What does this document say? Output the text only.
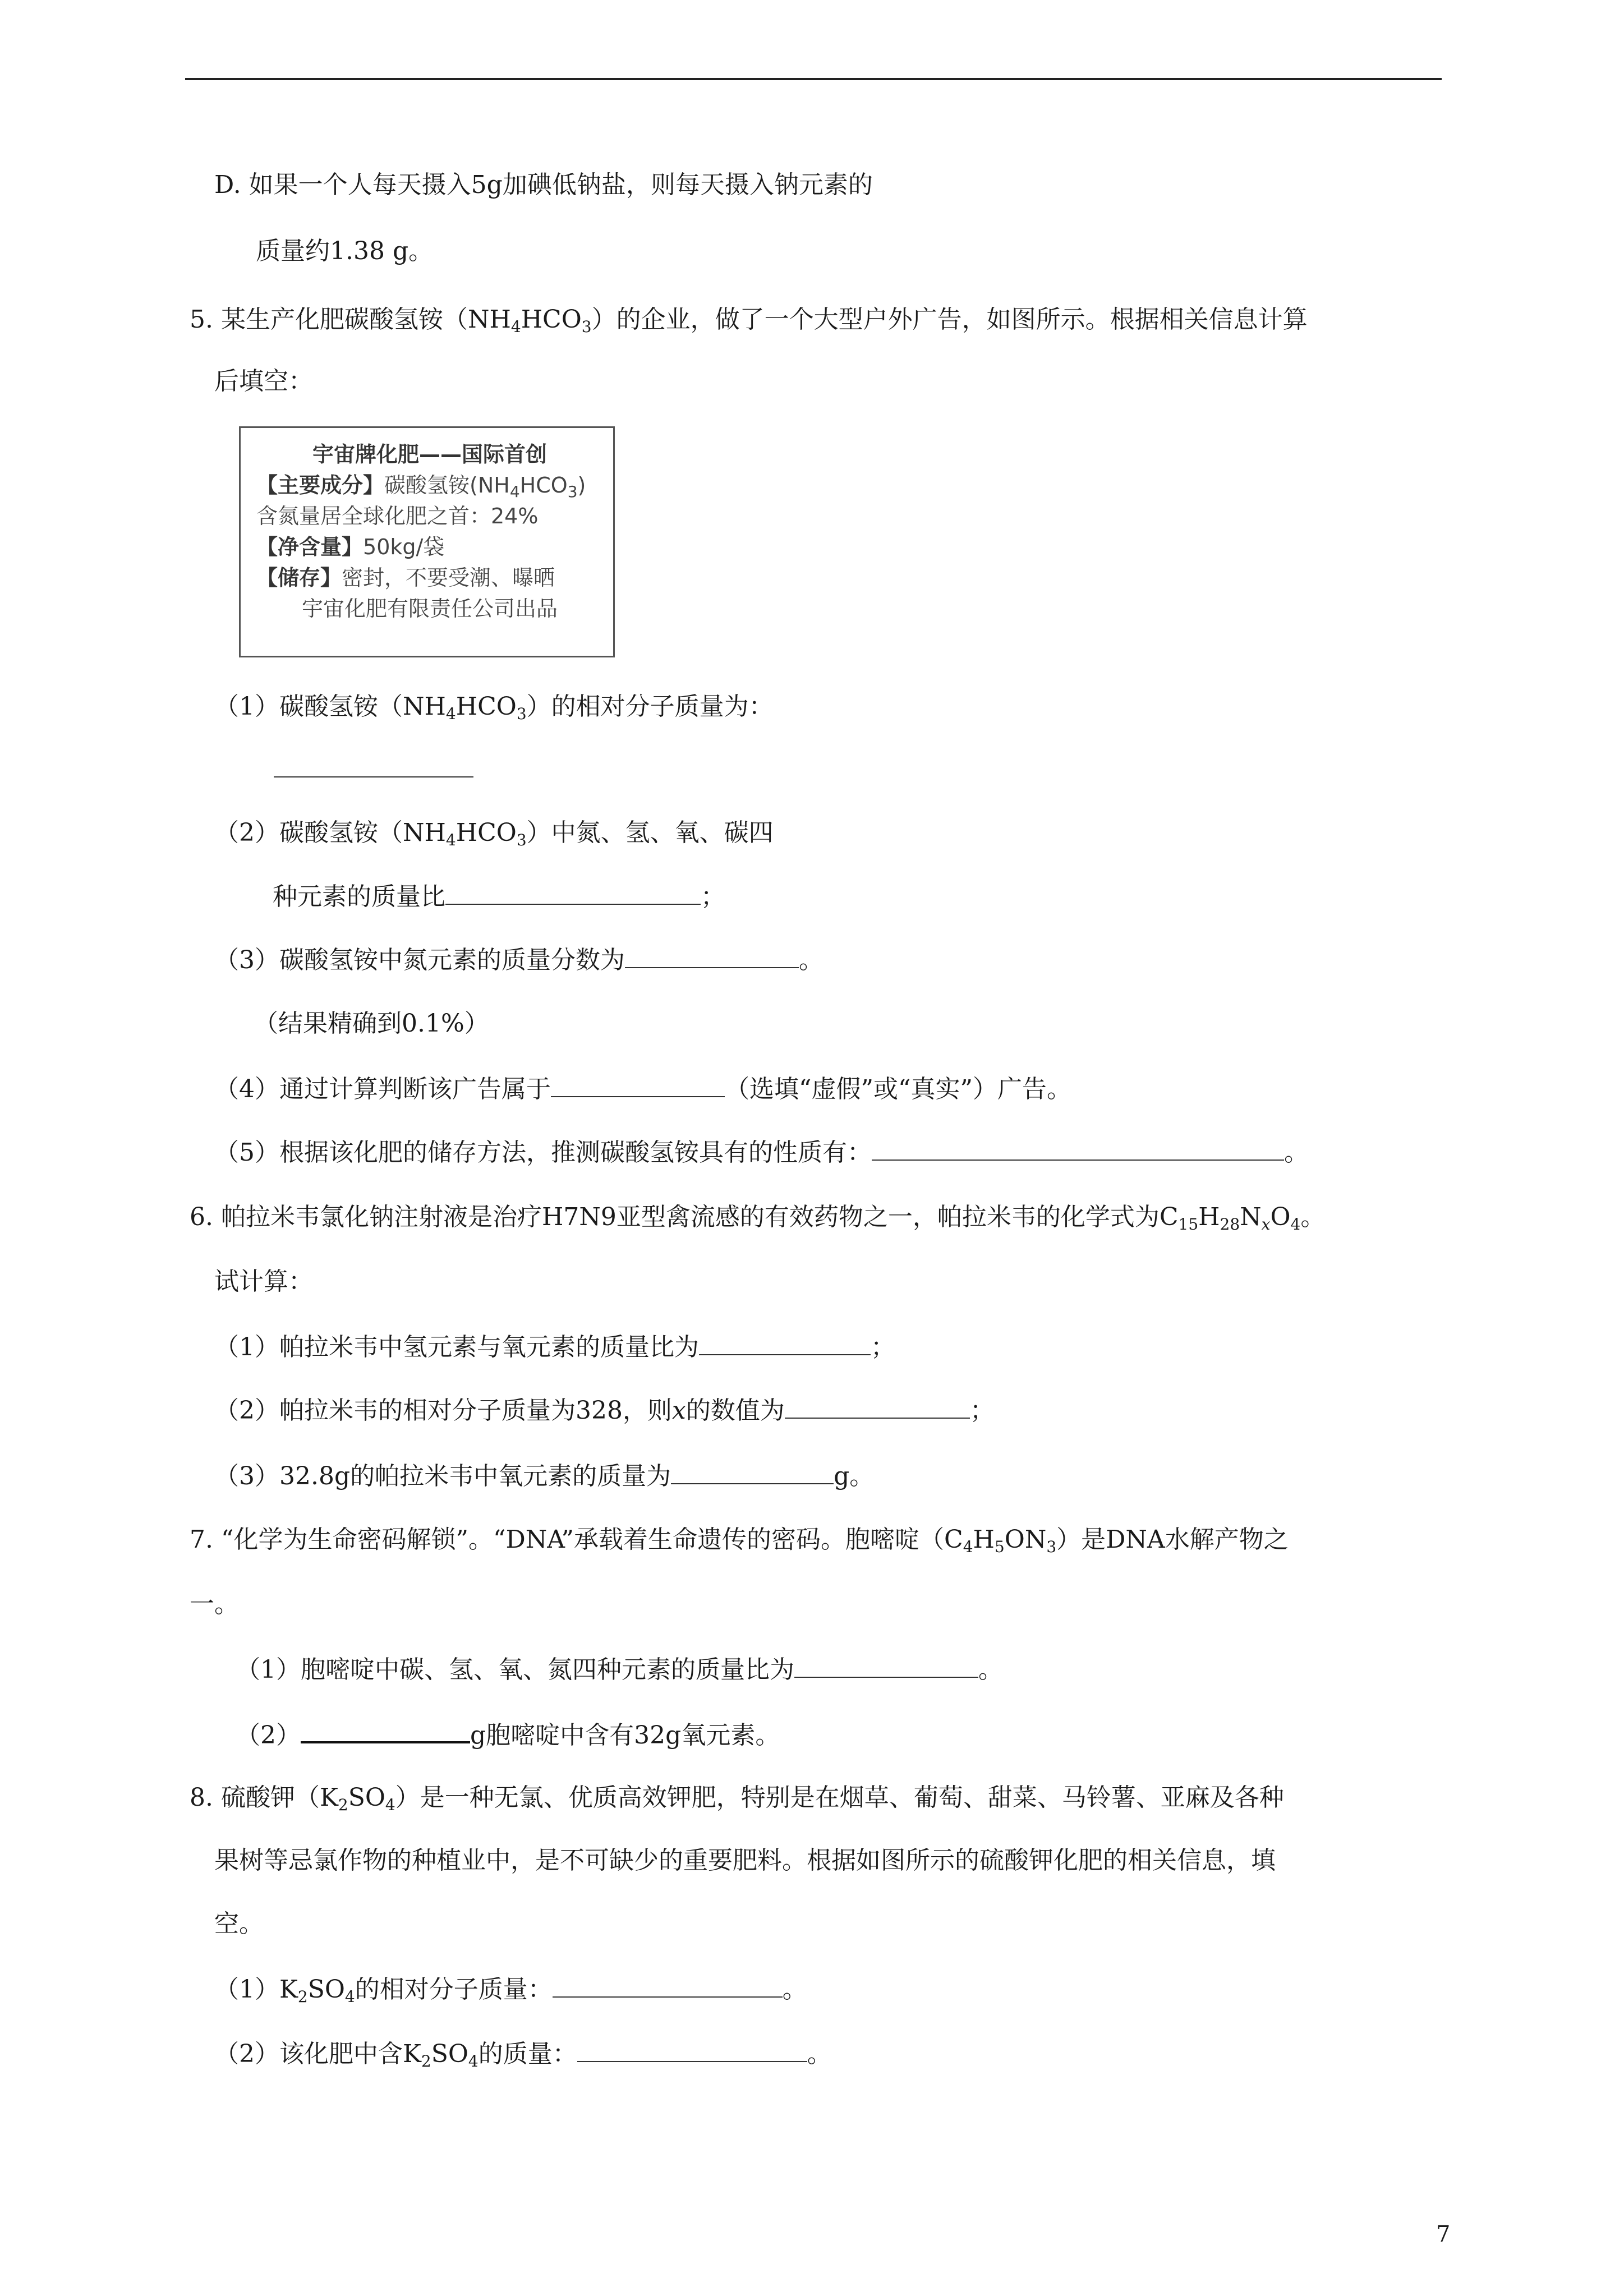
D. 如果一个人每天摄入5g加碘低钠盐，则每天摄入钠元素的
质量约1.38 g。
5. 某生产化肥碳酸氢铵$(NH_4HCO_3)$的企业，做了一个大型户外广告，如图所示。根据相关信息计算
后填空：
宇宙牌化肥——国际首创
【主要成分】碳酸氢铵$(NH_4HCO_3)$
含氮量居全球化肥之首：24%
【净含量】50kg/袋
【储存】密封，不要受潮、曝晒
宇宙化肥有限责任公司出品
（1）碳酸氢铵$(NH_4HCO_3)$的相对分子质量为：
（2）碳酸氢铵$(NH_4HCO_3)$中氮、氢、氧、碳四
种元素的质量比	；
（3）碳酸氢铵中氮元素的质量分数为	。
（结果精确到0.1%）
（4）通过计算判断该广告属于	（选填“虚假”或“真实”）广告。
（5）根据该化肥的储存方法，推测碳酸氢铵具有的性质有：	。
6. 帕拉米韦氯化钠注射液是治疗H7N9亚型禽流感的有效药物之一，帕拉米韦的化学式为$C_{15}H_{28}N_xO_4$。
试计算：
（1）帕拉米韦中氢元素与氧元素的质量比为	；
（2）帕拉米韦的相对分子质量为328，则x的数值为	；
（3）32.8g的帕拉米韦中氧元素的质量为	g。
7. “化学为生命密码解锁”。“DNA”承载着生命遗传的密码。胞嘧啶$(C_4H_5ON_3)$是DNA水解产物之
一。
（1）胞嘧啶中碳、氢、氧、氮四种元素的质量比为	。
（2）	g胞嘧啶中含有32g氧元素。
8. 硫酸钾$(K_2SO_4)$是一种无氯、优质高效钾肥，特别是在烟草、葡萄、甜菜、马铃薯、亚麻及各种
果树等忌氯作物的种植业中，是不可缺少的重要肥料。根据如图所示的硫酸钾化肥的相关信息，填
空。
$(1)K_2SO_4$的相对分子质量：	。
（2）该化肥中含$K_2SO_4$的质量：	。
7
